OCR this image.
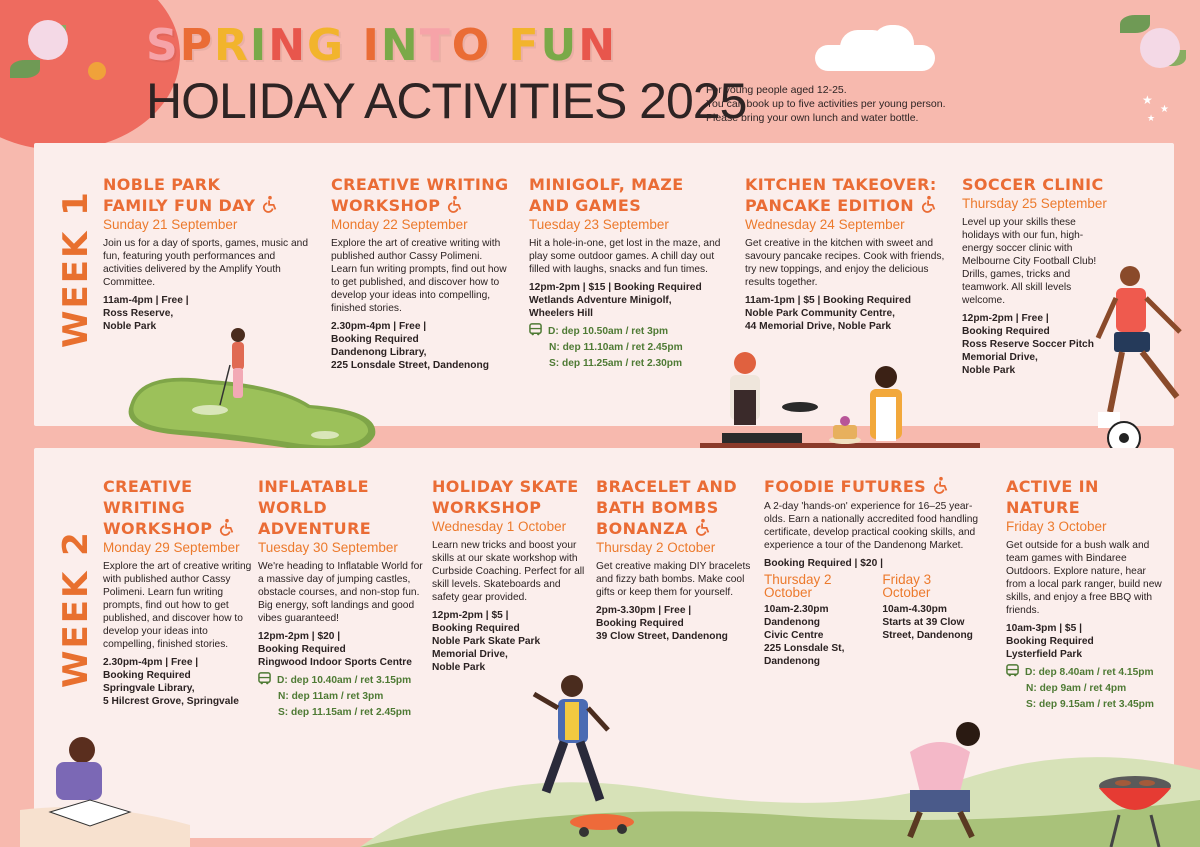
SPRING INTO FUN
HOLIDAY ACTIVITIES 2025
For young people aged 12-25.
You can book up to five activities per young person.
Please bring your own lunch and water bottle.
WEEK 1
NOBLE PARK
FAMILY FUN DAY
Sunday 21 September
Join us for a day of sports, games, music and fun, featuring youth performances and activities delivered by the Amplify Youth Committee.
11am-4pm | Free |
Ross Reserve,
Noble Park
CREATIVE WRITING
WORKSHOP
Monday 22 September
Explore the art of creative writing with published author Cassy Polimeni. Learn fun writing prompts, find out how to get published, and discover how to develop your ideas into compelling, finished stories.
2.30pm-4pm | Free |
Booking Required
Dandenong Library,
225 Lonsdale Street, Dandenong
MINIGOLF, MAZE
AND GAMES
Tuesday 23 September
Hit a hole-in-one, get lost in the maze, and play some outdoor games. A chill day out filled with laughs, snacks and fun times.
12pm-2pm | $15 | Booking Required
Wetlands Adventure Minigolf,
Wheelers Hill
D: dep 10.50am / ret 3pm
N: dep 11.10am / ret 2.45pm
S: dep 11.25am / ret 2.30pm
KITCHEN TAKEOVER:
PANCAKE EDITION
Wednesday 24 September
Get creative in the kitchen with sweet and savoury pancake recipes. Cook with friends, try new toppings, and enjoy the delicious results together.
11am-1pm | $5 | Booking Required
Noble Park Community Centre,
44 Memorial Drive, Noble Park
SOCCER CLINIC
Thursday 25 September
Level up your skills these holidays with our fun, high-energy soccer clinic with Melbourne City Football Club! Drills, games, tricks and teamwork. All skill levels welcome.
12pm-2pm | Free |
Booking Required
Ross Reserve Soccer Pitch
Memorial Drive,
Noble Park
WEEK 2
CREATIVE
WRITING
WORKSHOP
Monday 29 September
Explore the art of creative writing with published author Cassy Polimeni. Learn fun writing prompts, find out how to get published, and discover how to develop your ideas into compelling, finished stories.
2.30pm-4pm | Free |
Booking Required
Springvale Library,
5 Hilcrest Grove, Springvale
INFLATABLE
WORLD
ADVENTURE
Tuesday 30 September
We're heading to Inflatable World for a massive day of jumping castles, obstacle courses, and non-stop fun. Big energy, soft landings and good vibes guaranteed!
12pm-2pm | $20 |
Booking Required
Ringwood Indoor Sports Centre
D: dep 10.40am / ret 3.15pm
N: dep 11am / ret 3pm
S: dep 11.15am / ret 2.45pm
HOLIDAY SKATE
WORKSHOP
Wednesday 1 October
Learn new tricks and boost your skills at our skate workshop with Curbside Coaching. Perfect for all skill levels. Skateboards and safety gear provided.
12pm-2pm | $5 |
Booking Required
Noble Park Skate Park
Memorial Drive,
Noble Park
BRACELET AND
BATH BOMBS
BONANZA
Thursday 2 October
Get creative making DIY bracelets and fizzy bath bombs. Make cool gifts or keep them for yourself.
2pm-3.30pm | Free |
Booking Required
39 Clow Street, Dandenong
FOODIE FUTURES
A 2-day 'hands-on' experience for 16–25 year-olds. Earn a nationally accredited food handling certificate, develop practical cooking skills, and experience a tour of the Dandenong Market.
Booking Required | $20 |
Thursday 2 October
10am-2.30pm
Dandenong
Civic Centre
225 Lonsdale St,
Dandenong
Friday 3 October
10am-4.30pm
Starts at 39 Clow
Street, Dandenong
ACTIVE IN
NATURE
Friday 3 October
Get outside for a bush walk and team games with Bindaree Outdoors. Explore nature, hear from a local park ranger, build new skills, and enjoy a free BBQ with friends.
10am-3pm | $5 |
Booking Required
Lysterfield Park
D: dep 8.40am / ret 4.15pm
N: dep 9am / ret 4pm
S: dep 9.15am / ret 3.45pm
★
★
★
